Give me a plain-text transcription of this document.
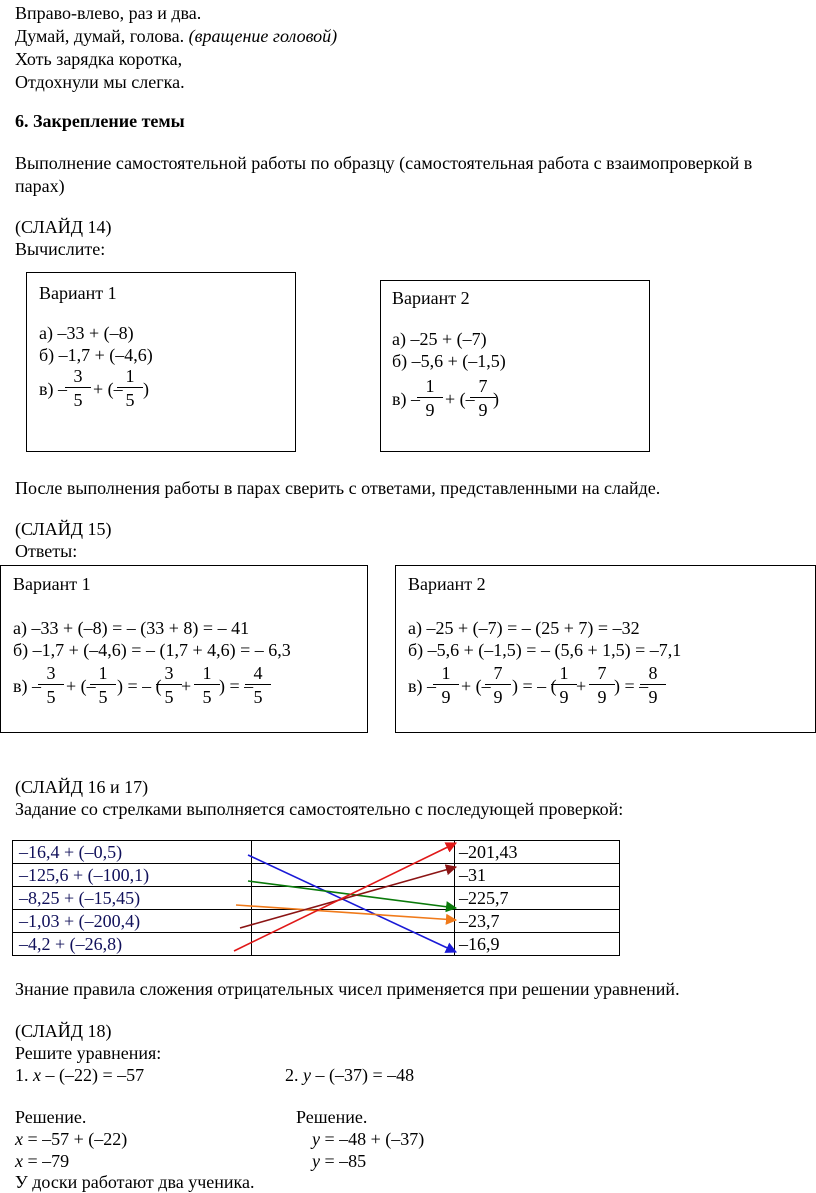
Вправо-влево, раз и два.
Думай, думай, голова. (вращение головой)
Хоть зарядка коротка,
Отдохнули мы слегка.
6. Закрепление темы
Выполнение самостоятельной работы по образцу (самостоятельная работа с взаимопроверкой в
парах)
(СЛАЙД 14)
Вычислите:
Вариант 1
а) –33 + (–8)
б) –1,7 + (–4,6)
в) –
$\frac{3}{5}$ + (–
$\frac{1}{5}$ )
Вариант 2
а) –25 + (–7)
б) –5,6 + (–1,5)
в) –
$\frac{1}{9}$ + (–
$\frac{7}{9}$
)
После выполнения работы в парах сверить с ответами, представленными на слайде.
(СЛАЙД 15)
Ответы:
Вариант 1
а) –33 + (–8) = – (33 + 8) = – 41
б) –1,7 + (–4,6) = – (1,7 + 4,6) = – 6,3
в) –
$\frac{3}{5}$ + (–
$\frac{1}{5}$ ) = – (
$\frac{3}{5} + \frac{1}{5}$ ) = –
$\frac{4}{5}$
Вариант 2
а) –25 + (–7) = – (25 + 7) = –32
б) –5,6 + (–1,5) = – (5,6 + 1,5) = –7,1
в) –
$\frac{1}{9}$ + (–
$\frac{7}{9}$ ) = – (
$\frac{1}{9} + \frac{7}{9}$ ) = –
$\frac{8}{9}$
(СЛАЙД 16 и 17)
Задание со стрелками выполняется самостоятельно с последующей проверкой:
–16,4 + (–0,5)		–201,43
–125,6 + (–100,1)		–31
–8,25 + (–15,45)		–225,7
–1,03 + (–200,4)		–23,7
–4,2 + (–26,8)		–16,9
Знание правила сложения отрицательных чисел применяется при решении уравнений.
(СЛАЙД 18)
Решите уравнения:
1. x – (–22) = –57	2. y – (–37) = –48
Решение.	Решение.
x = –57 + (–22)	y = –48 + (–37)
x = –79	y = –85
У доски работают два ученика.
